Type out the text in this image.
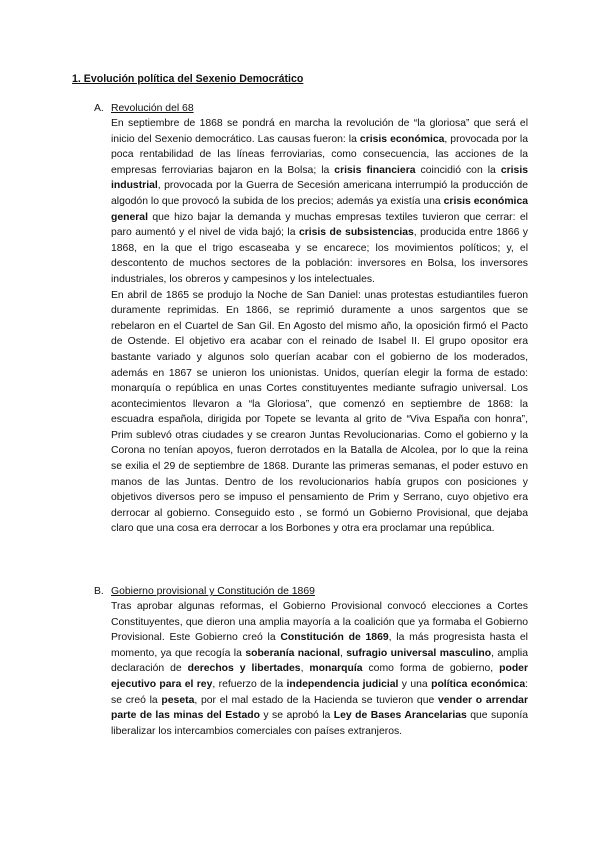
1. Evolución política del Sexenio Democrático
A. Revolución del 68

En septiembre de 1868 se pondrá en marcha la revolución de “la gloriosa” que será el inicio del Sexenio democrático. Las causas fueron: la crisis económica, provocada por la poca rentabilidad de las líneas ferroviarias, como consecuencia, las acciones de la empresas ferroviarias bajaron en la Bolsa; la crisis financiera coincidió con la crisis industrial, provocada por la Guerra de Secesión americana interrumpió la producción de algodón lo que provocó la subida de los precios; además ya existía una crisis económica general que hizo bajar la demanda y muchas empresas textiles tuvieron que cerrar: el paro aumentó y el nivel de vida bajó; la crisis de subsistencias, producida entre 1866 y 1868, en la que el trigo escaseaba y se encarece; los movimientos políticos; y, el descontento de muchos sectores de la población: inversores en Bolsa, los inversores industriales, los obreros y campesinos y los intelectuales.

En abril de 1865 se produjo la Noche de San Daniel: unas protestas estudiantiles fueron duramente reprimidas. En 1866, se reprimió duramente a unos sargentos que se rebelaron en el Cuartel de San Gil. En Agosto del mismo año, la oposición firmó el Pacto de Ostende. El objetivo era acabar con el reinado de Isabel II. El grupo opositor era bastante variado y algunos solo querían acabar con el gobierno de los moderados, además en 1867 se unieron los unionistas. Unidos, querían elegir la forma de estado: monarquía o república en unas Cortes constituyentes mediante sufragio universal. Los acontecimientos llevaron a “la Gloriosa”, que comenzó en septiembre de 1868: la escuadra española, dirigida por Topete se levanta al grito de “Viva España con honra”, Prim sublevó otras ciudades y se crearon Juntas Revolucionarias. Como el gobierno y la Corona no tenían apoyos, fueron derrotados en la Batalla de Alcolea, por lo que la reina se exilia el 29 de septiembre de 1868. Durante las primeras semanas, el poder estuvo en manos de las Juntas. Dentro de los revolucionarios había grupos con posiciones y objetivos diversos pero se impuso el pensamiento de Prim y Serrano, cuyo objetivo era derrocar al gobierno. Conseguido esto , se formó un Gobierno Provisional, que dejaba claro que una cosa era derrocar a los Borbones y otra era proclamar una república.

B. Gobierno provisional y Constitución de 1869

Tras aprobar algunas reformas, el Gobierno Provisional convocó elecciones a Cortes Constituyentes, que dieron una amplia mayoría a la coalición que ya formaba el Gobierno Provisional. Este Gobierno creó la Constitución de 1869, la más progresista hasta el momento, ya que recogía la soberanía nacional, sufragio universal masculino, amplia declaración de derechos y libertades, monarquía como forma de gobierno, poder ejecutivo para el rey, refuerzo de la independencia judicial y una política económica: se creó la peseta, por el mal estado de la Hacienda se tuvieron que vender o arrendar parte de las minas del Estado y se aprobó la Ley de Bases Arancelarias que suponía liberalizar los intercambios comerciales con países extranjeros.
